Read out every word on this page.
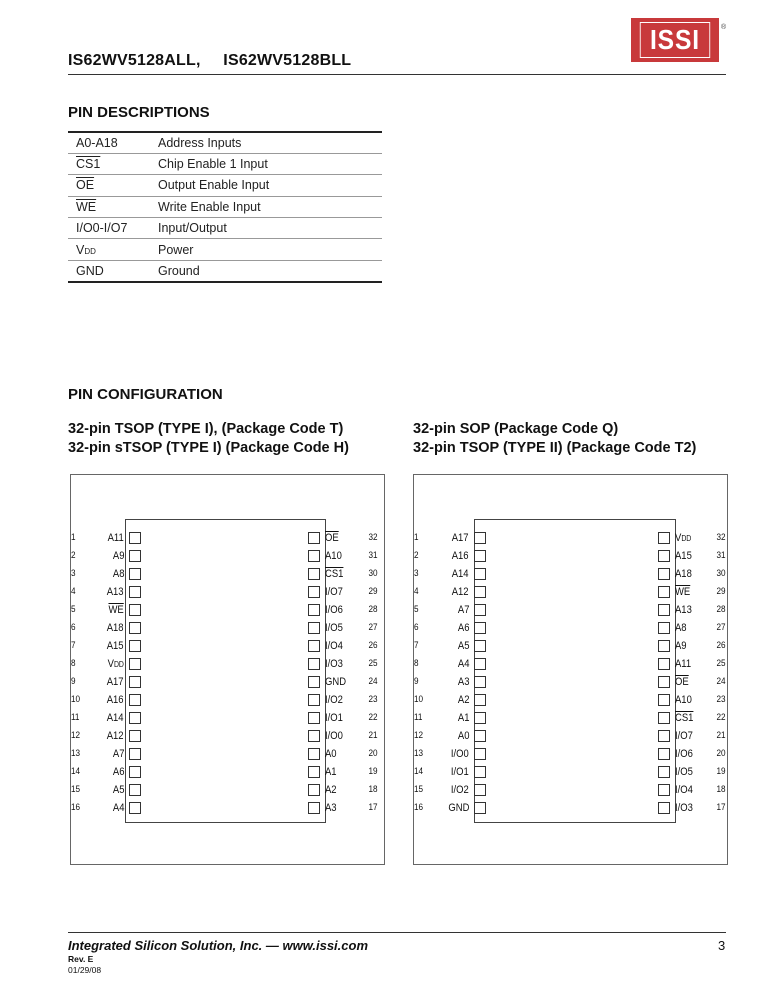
IS62WV5128ALL, IS62WV5128BLL
ISSI	®
PIN DESCRIPTIONS
A0-A18	Address Inputs
CS1	Chip Enable 1 Input
$\overline{OE}$	Output Enable Input
$\overline{WE}$	Write Enable Input
I/O0-I/O7	Input/Output
VDD	Power
GND	Ground
PIN CONFIGURATION
32-pin TSOP (TYPE I), (Package Code T)
32-pin sTSOP (TYPE I) (Package Code H)
32-pin SOP (Package Code Q)
32-pin TSOP (TYPE II) (Package Code T2)
A11
1
A9
2
A8
3
A13
4
$\overline{WE}$
5
A18
6
A15
7
VDD
8
A17
9
A16
10
A14
11
A12
12
A7
13
A6
14
A5
15
A4
16
$\overline{OE}$	32
A10	31
CS1	30
I/O7	29
I/O6	28
I/O5	27
I/O4	26
I/O3	25
GND 24
I/O2	23
I/O1	22
I/O0	21
A0	20
A1	19
A2	18
A3	17
A17
1
A16
2
A14
3
A12
4
A7
5
A6
6
A5
7
A4
8
A3
9
A2
10
A1
11
A0
12
I/O0
13
I/O1
14
I/O2
15
GND
16
VDD	32
A15	31
A18	30
$\overline{WE}$	29
A13	28
A8	27
A9	26
A11	25
$\overline{OE}$	24
A10	23
CS1 22
I/O7	21
I/O6	20
I/O5	19
I/O4	18
I/O3	17
Integrated Silicon Solution, Inc. — www.issi.com	3
Rev. E
01/29/08
